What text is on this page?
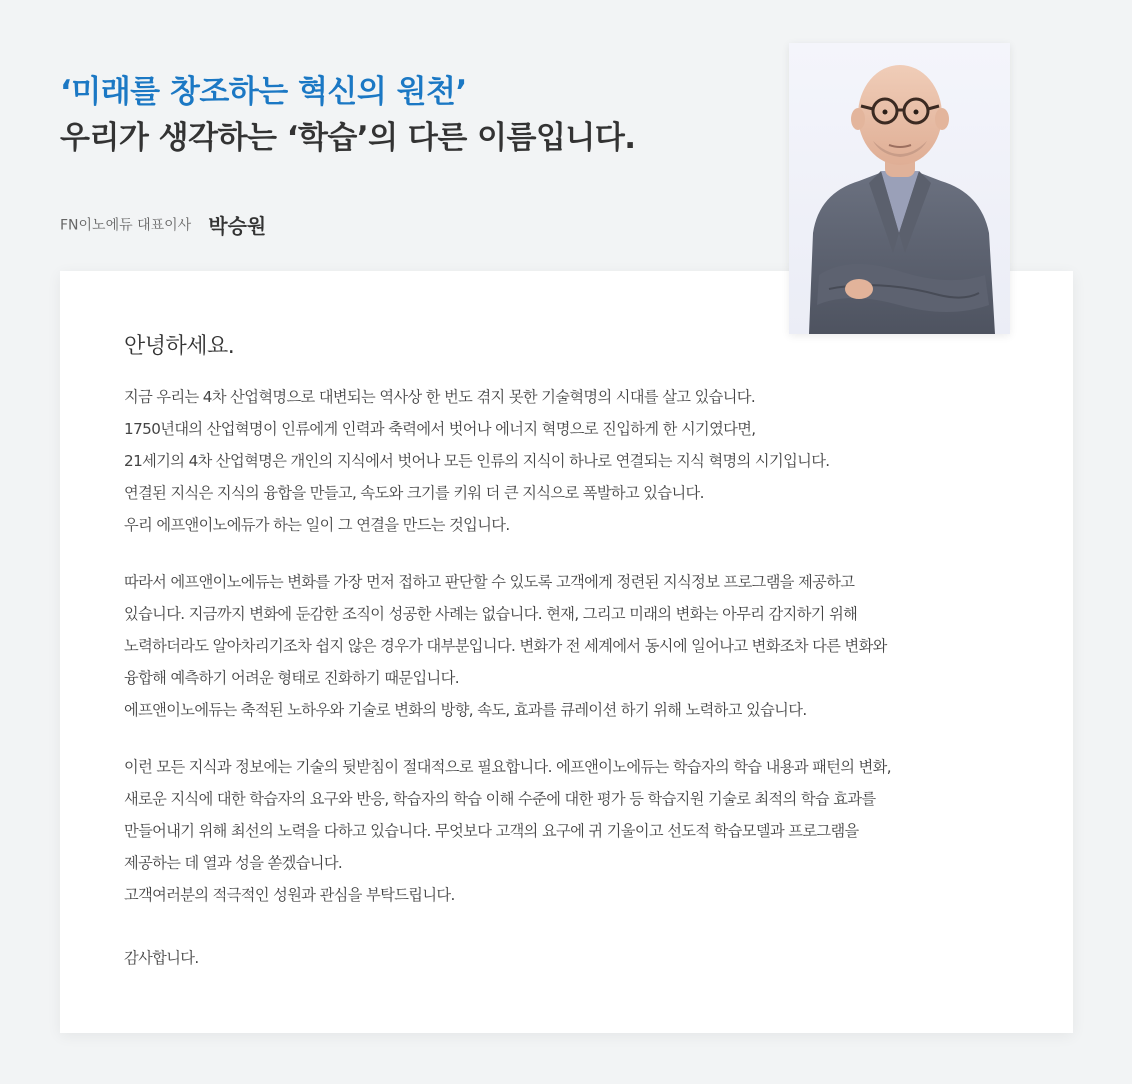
‘미래를 창조하는 혁신의 원천’
우리가 생각하는 ‘학습’의 다른 이름입니다.
FN이노에듀 대표이사 박승원
안녕하세요.

지금 우리는 4차 산업혁명으로 대변되는 역사상 한 번도 겪지 못한 기술혁명의 시대를 살고 있습니다.
1750년대의 산업혁명이 인류에게 인력과 축력에서 벗어나 에너지 혁명으로 진입하게 한 시기였다면,
21세기의 4차 산업혁명은 개인의 지식에서 벗어나 모든 인류의 지식이 하나로 연결되는 지식 혁명의 시기입니다.
연결된 지식은 지식의 융합을 만들고, 속도와 크기를 키워 더 큰 지식으로 폭발하고 있습니다.
우리 에프앤이노에듀가 하는 일이 그 연결을 만드는 것입니다.

따라서 에프앤이노에듀는 변화를 가장 먼저 접하고 판단할 수 있도록 고객에게 정련된 지식정보 프로그램을 제공하고
있습니다. 지금까지 변화에 둔감한 조직이 성공한 사례는 없습니다. 현재, 그리고 미래의 변화는 아무리 감지하기 위해
노력하더라도 알아차리기조차 쉽지 않은 경우가 대부분입니다. 변화가 전 세계에서 동시에 일어나고 변화조차 다른 변화와
융합해 예측하기 어려운 형태로 진화하기 때문입니다.
에프앤이노에듀는 축적된 노하우와 기술로 변화의 방향, 속도, 효과를 큐레이션 하기 위해 노력하고 있습니다.

이런 모든 지식과 정보에는 기술의 뒷받침이 절대적으로 필요합니다. 에프앤이노에듀는 학습자의 학습 내용과 패턴의 변화,
새로운 지식에 대한 학습자의 요구와 반응, 학습자의 학습 이해 수준에 대한 평가 등 학습지원 기술로 최적의 학습 효과를
만들어내기 위해 최선의 노력을 다하고 있습니다. 무엇보다 고객의 요구에 귀 기울이고 선도적 학습모델과 프로그램을
제공하는 데 열과 성을 쏟겠습니다.
고객여러분의 적극적인 성원과 관심을 부탁드립니다.

감사합니다.
